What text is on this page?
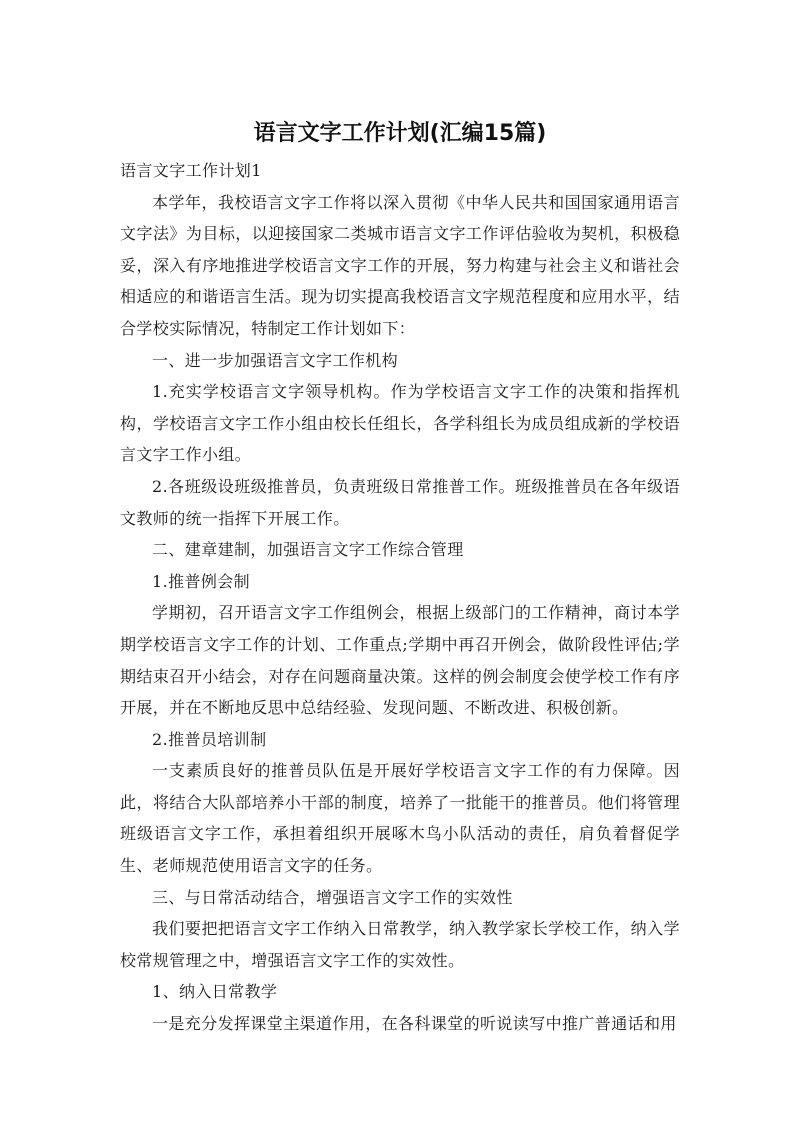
语言文字工作计划(汇编15篇)

语言文字工作计划1

本学年，我校语言文字工作将以深入贯彻《中华人民共和国国家通用语言文字法》为目标，以迎接国家二类城市语言文字工作评估验收为契机，积极稳妥，深入有序地推进学校语言文字工作的开展，努力构建与社会主义和谐社会相适应的和谐语言生活。现为切实提高我校语言文字规范程度和应用水平，结合学校实际情况，特制定工作计划如下：

一、进一步加强语言文字工作机构

1.充实学校语言文字领导机构。作为学校语言文字工作的决策和指挥机构，学校语言文字工作小组由校长任组长，各学科组长为成员组成新的学校语言文字工作小组。

2.各班级设班级推普员，负责班级日常推普工作。班级推普员在各年级语文教师的统一指挥下开展工作。

二、建章建制，加强语言文字工作综合管理

1.推普例会制

学期初，召开语言文字工作组例会，根据上级部门的工作精神，商讨本学期学校语言文字工作的计划、工作重点;学期中再召开例会，做阶段性评估;学期结束召开小结会，对存在问题商量决策。这样的例会制度会使学校工作有序开展，并在不断地反思中总结经验、发现问题、不断改进、积极创新。

2.推普员培训制

一支素质良好的推普员队伍是开展好学校语言文字工作的有力保障。因此，将结合大队部培养小干部的制度，培养了一批能干的推普员。他们将管理班级语言文字工作，承担着组织开展啄木鸟小队活动的责任，肩负着督促学生、老师规范使用语言文字的任务。

三、与日常活动结合，增强语言文字工作的实效性

我们要把把语言文字工作纳入日常教学，纳入教学家长学校工作，纳入学校常规管理之中，增强语言文字工作的实效性。

1、纳入日常教学

一是充分发挥课堂主渠道作用，在各科课堂的听说读写中推广普通话和用
